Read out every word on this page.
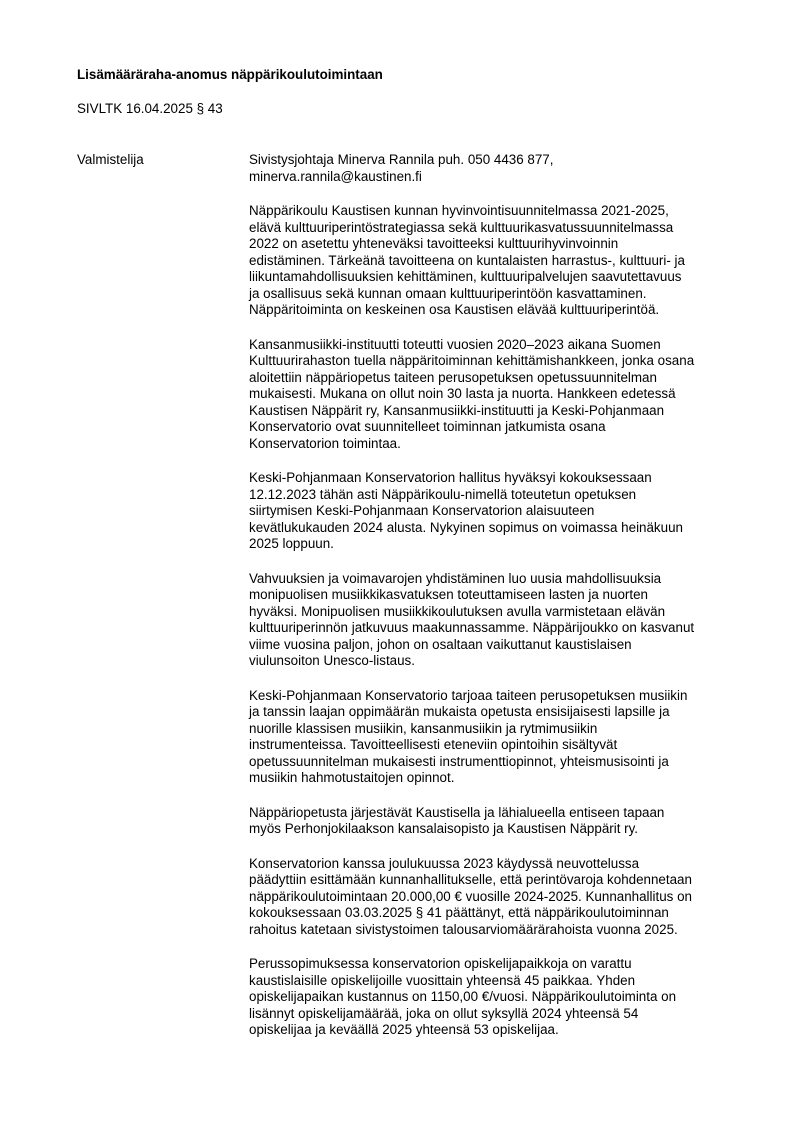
Lisämääräraha-anomus näppärikoulutoimintaan
SIVLTK 16.04.2025 § 43
Valmistelija	Sivistysjohtaja Minerva Rannila puh. 050 4436 877,
minerva.rannila@kaustinen.fi
Näppärikoulu Kaustisen kunnan hyvinvointisuunnitelmassa 2021-2025,
elävä kulttuuriperintöstrategiassa sekä kulttuurikasvatussuunnitelmassa
2022 on asetettu yhteneväksi tavoitteeksi kulttuurihyvinvoinnin
edistäminen. Tärkeänä tavoitteena on kuntalaisten harrastus-, kulttuuri- ja
liikuntamahdollisuuksien kehittäminen, kulttuuripalvelujen saavutettavuus
ja osallisuus sekä kunnan omaan kulttuuriperintöön kasvattaminen.
Näppäritoiminta on keskeinen osa Kaustisen elävää kulttuuriperintöä.
Kansanmusiikki-instituutti toteutti vuosien 2020–2023 aikana Suomen
Kulttuurirahaston tuella näppäritoiminnan kehittämishankkeen, jonka osana
aloitettiin näppäriopetus taiteen perusopetuksen opetussuunnitelman
mukaisesti. Mukana on ollut noin 30 lasta ja nuorta. Hankkeen edetessä
Kaustisen Näppärit ry, Kansanmusiikki-instituutti ja Keski-Pohjanmaan
Konservatorio ovat suunnitelleet toiminnan jatkumista osana
Konservatorion toimintaa.
Keski-Pohjanmaan Konservatorion hallitus hyväksyi kokouksessaan
12.12.2023 tähän asti Näppärikoulu-nimellä toteutetun opetuksen
siirtymisen Keski-Pohjanmaan Konservatorion alaisuuteen
kevätlukukauden 2024 alusta. Nykyinen sopimus on voimassa heinäkuun
2025 loppuun.
Vahvuuksien ja voimavarojen yhdistäminen luo uusia mahdollisuuksia
monipuolisen musiikkikasvatuksen toteuttamiseen lasten ja nuorten
hyväksi. Monipuolisen musiikkikoulutuksen avulla varmistetaan elävän
kulttuuriperinnön jatkuvuus maakunnassamme. Näppärijoukko on kasvanut
viime vuosina paljon, johon on osaltaan vaikuttanut kaustislaisen
viulunsoiton Unesco-listaus.
Keski-Pohjanmaan Konservatorio tarjoaa taiteen perusopetuksen musiikin
ja tanssin laajan oppimäärän mukaista opetusta ensisijaisesti lapsille ja
nuorille klassisen musiikin, kansanmusiikin ja rytmimusiikin
instrumenteissa. Tavoitteellisesti eteneviin opintoihin sisältyvät
opetussuunnitelman mukaisesti instrumenttiopinnot, yhteismusisointi ja
musiikin hahmotustaitojen opinnot.
Näppäriopetusta järjestävät Kaustisella ja lähialueella entiseen tapaan
myös Perhonjokilaakson kansalaisopisto ja Kaustisen Näppärit ry.
Konservatorion kanssa joulukuussa 2023 käydyssä neuvottelussa
päädyttiin esittämään kunnanhallitukselle, että perintövaroja kohdennetaan
näppärikoulutoimintaan 20.000,00 € vuosille 2024-2025. Kunnanhallitus on
kokouksessaan 03.03.2025 § 41 päättänyt, että näppärikoulutoiminnan
rahoitus katetaan sivistystoimen talousarviomäärärahoista vuonna 2025.
Perussopimuksessa konservatorion opiskelijapaikkoja on varattu
kaustislaisille opiskelijoille vuosittain yhteensä 45 paikkaa. Yhden
opiskelijapaikan kustannus on 1150,00 €/vuosi. Näppärikoulutoiminta on
lisännyt opiskelijamäärää, joka on ollut syksyllä 2024 yhteensä 54
opiskelijaa ja keväällä 2025 yhteensä 53 opiskelijaa.
